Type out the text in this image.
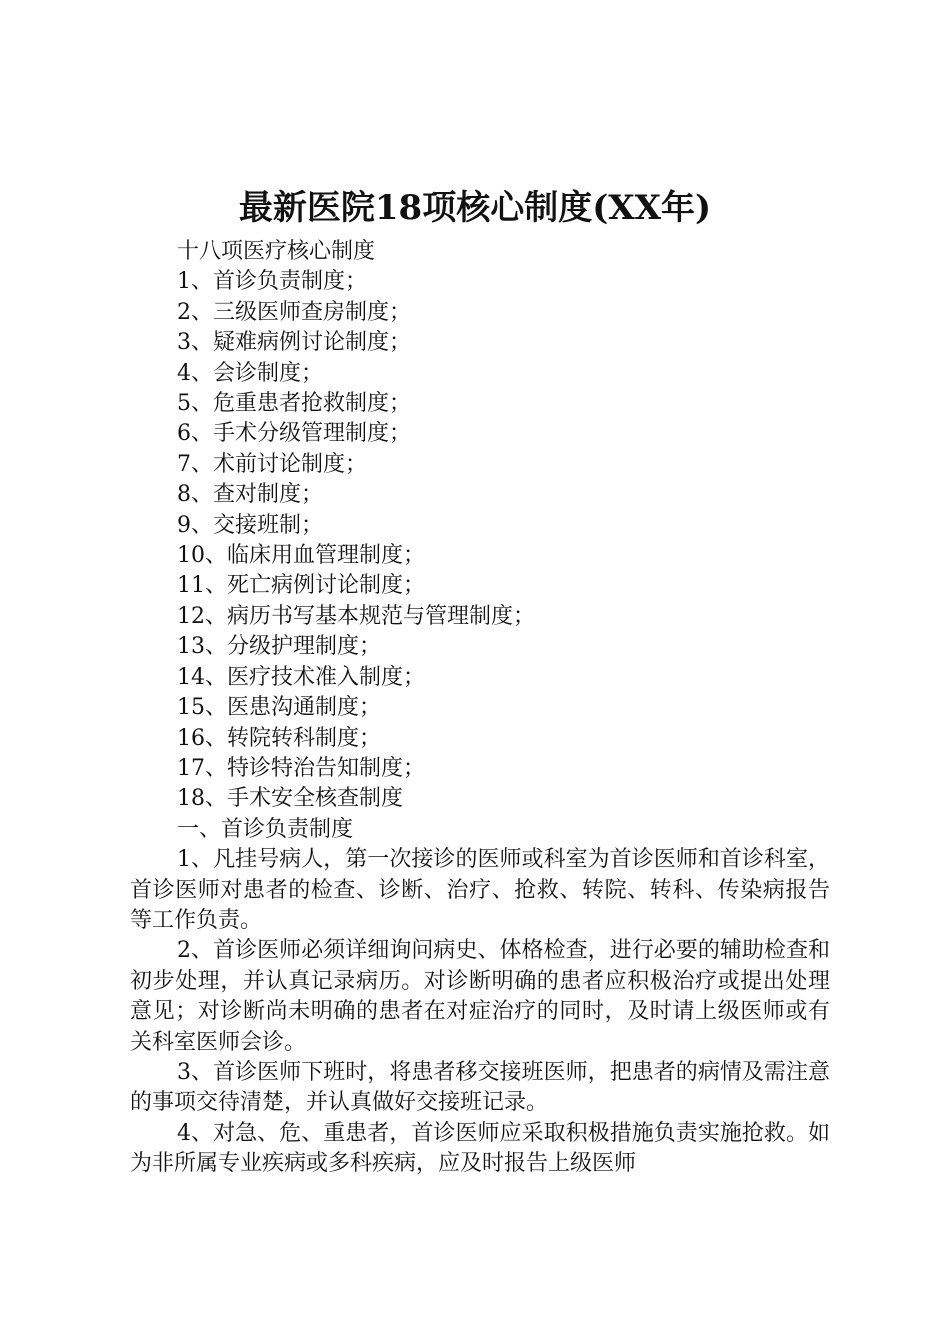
最新医院18项核心制度(XX年)

十八项医疗核心制度

1、首诊负责制度；

2、三级医师查房制度；

3、疑难病例讨论制度；

4、会诊制度；

5、危重患者抢救制度；

6、手术分级管理制度；

7、术前讨论制度；

8、查对制度；

9、交接班制；

10、临床用血管理制度；

11、死亡病例讨论制度；

12、病历书写基本规范与管理制度；

13、分级护理制度；

14、医疗技术准入制度；

15、医患沟通制度；

16、转院转科制度；

17、特诊特治告知制度；

18、手术安全核查制度

一、首诊负责制度

1、凡挂号病人，第一次接诊的医师或科室为首诊医师和首诊科室，首诊医师对患者的检查、诊断、治疗、抢救、转院、转科、传染病报告等工作负责。

2、首诊医师必须详细询问病史、体格检查，进行必要的辅助检查和初步处理，并认真记录病历。对诊断明确的患者应积极治疗或提出处理意见；对诊断尚未明确的患者在对症治疗的同时，及时请上级医师或有关科室医师会诊。

3、首诊医师下班时，将患者移交接班医师，把患者的病情及需注意的事项交待清楚，并认真做好交接班记录。

4、对急、危、重患者，首诊医师应采取积极措施负责实施抢救。如为非所属专业疾病或多科疾病，应及时报告上级医师
